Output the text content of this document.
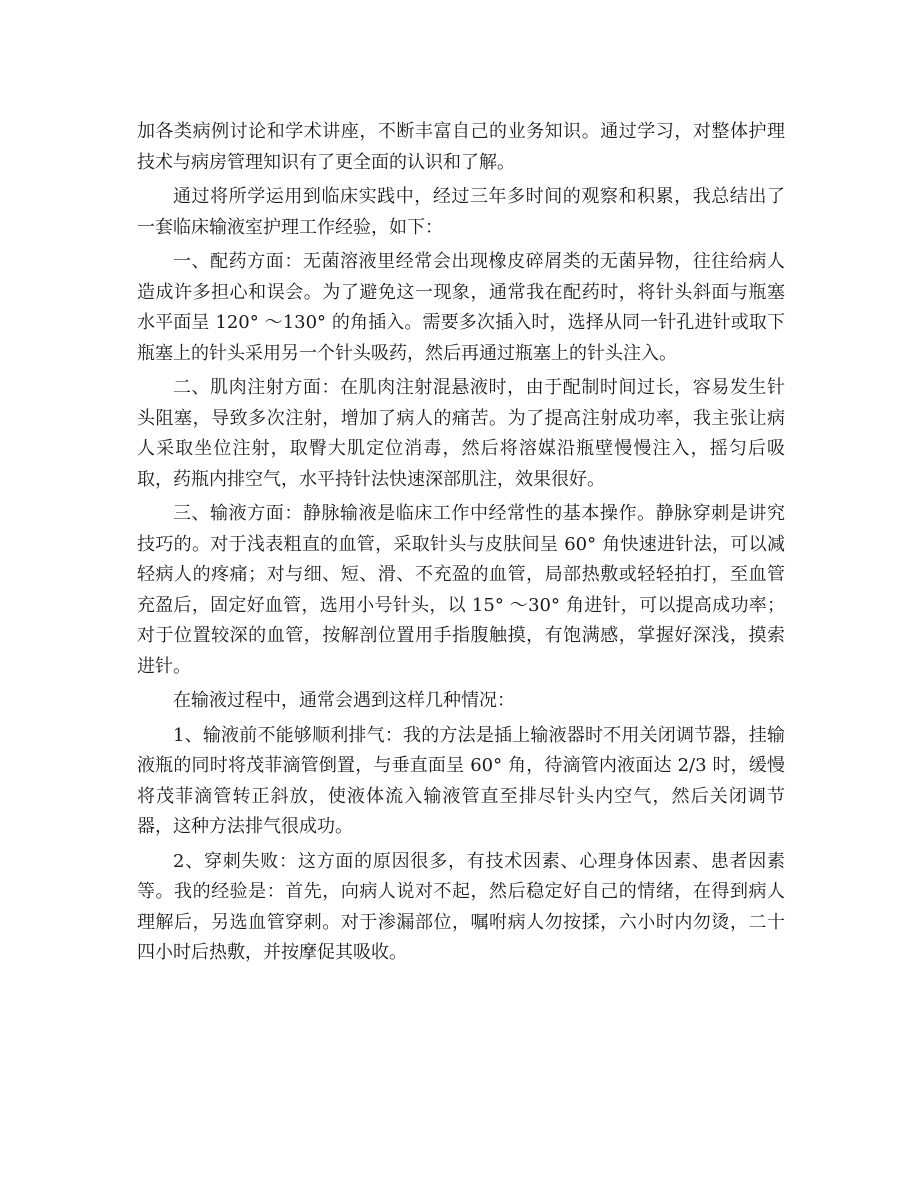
加各类病例讨论和学术讲座，不断丰富自己的业务知识。通过学习，对整体护理
技术与病房管理知识有了更全面的认识和了解。
通过将所学运用到临床实践中，经过三年多时间的观察和积累，我总结出了
一套临床输液室护理工作经验，如下：
一、配药方面：无菌溶液里经常会出现橡皮碎屑类的无菌异物，往往给病人
造成许多担心和误会。为了避免这一现象，通常我在配药时，将针头斜面与瓶塞
水平面呈 120° ～130° 的角插入。需要多次插入时，选择从同一针孔进针或取下
瓶塞上的针头采用另一个针头吸药，然后再通过瓶塞上的针头注入。
二、肌肉注射方面：在肌肉注射混悬液时，由于配制时间过长，容易发生针
头阻塞，导致多次注射，增加了病人的痛苦。为了提高注射成功率，我主张让病
人采取坐位注射，取臀大肌定位消毒，然后将溶媒沿瓶壁慢慢注入，摇匀后吸
取，药瓶内排空气，水平持针法快速深部肌注，效果很好。
三、输液方面：静脉输液是临床工作中经常性的基本操作。静脉穿刺是讲究
技巧的。对于浅表粗直的血管，采取针头与皮肤间呈 60° 角快速进针法，可以减
轻病人的疼痛；对与细、短、滑、不充盈的血管，局部热敷或轻轻拍打，至血管
充盈后，固定好血管，选用小号针头，以 15° ～30° 角进针，可以提高成功率；
对于位置较深的血管，按解剖位置用手指腹触摸，有饱满感，掌握好深浅，摸索
进针。
在输液过程中，通常会遇到这样几种情况：
1、输液前不能够顺利排气：我的方法是插上输液器时不用关闭调节器，挂输
液瓶的同时将茂菲滴管倒置，与垂直面呈 60° 角，待滴管内液面达 2/3 时，缓慢
将茂菲滴管转正斜放，使液体流入输液管直至排尽针头内空气，然后关闭调节
器，这种方法排气很成功。
2、穿刺失败：这方面的原因很多，有技术因素、心理身体因素、患者因素
等。我的经验是：首先，向病人说对不起，然后稳定好自己的情绪，在得到病人
理解后，另选血管穿刺。对于渗漏部位，嘱咐病人勿按揉，六小时内勿烫，二十
四小时后热敷，并按摩促其吸收。
